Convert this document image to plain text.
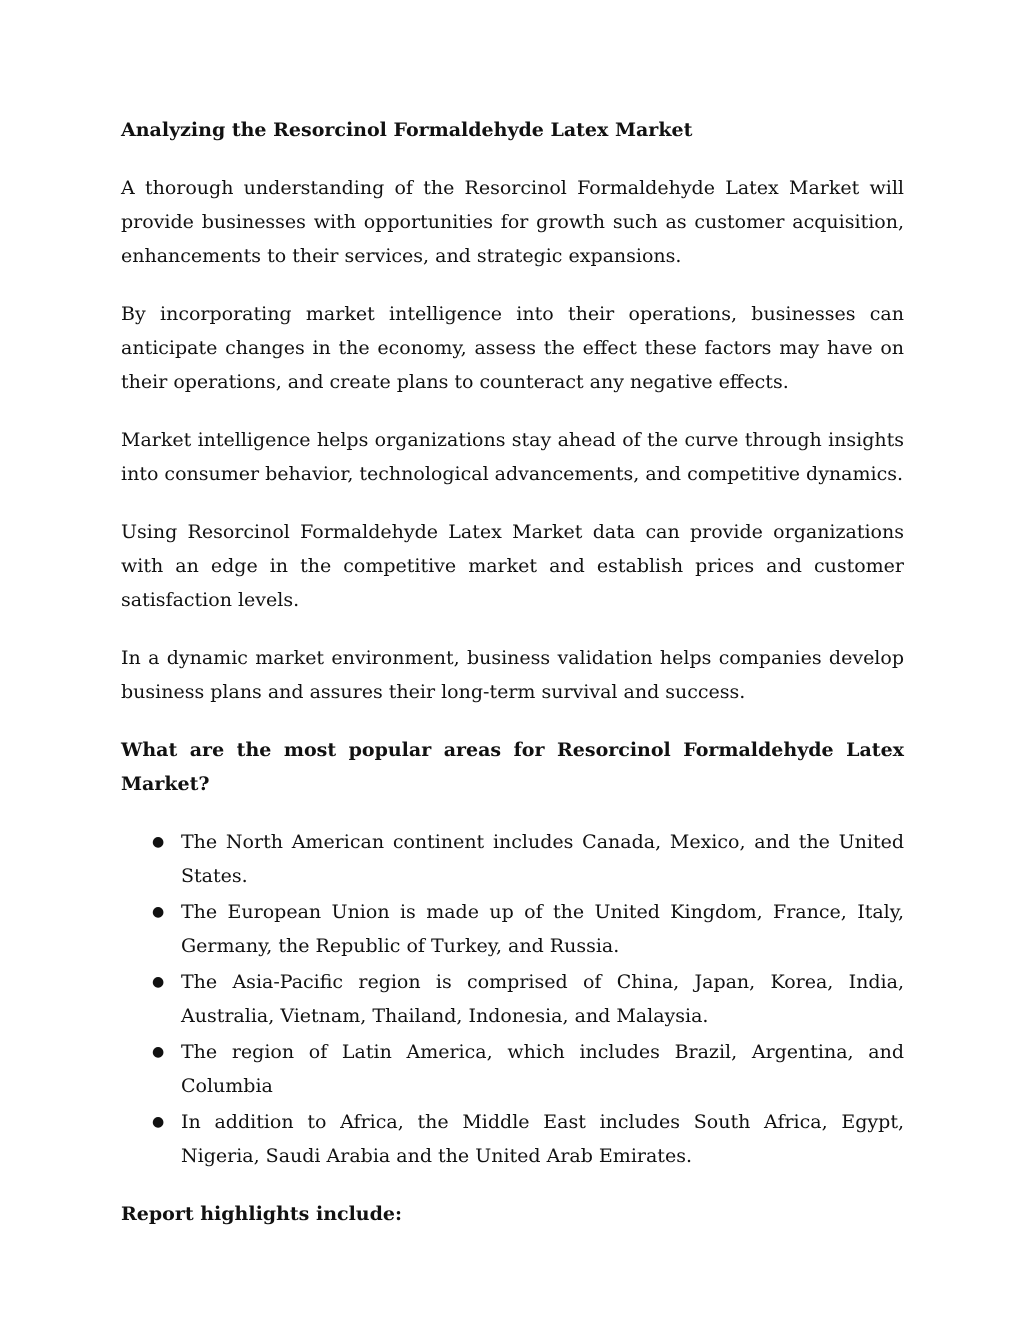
Analyzing the Resorcinol Formaldehyde Latex Market

A thorough understanding of the Resorcinol Formaldehyde Latex Market will provide businesses with opportunities for growth such as customer acquisition, enhancements to their services, and strategic expansions.

By incorporating market intelligence into their operations, businesses can anticipate changes in the economy, assess the effect these factors may have on their operations, and create plans to counteract any negative effects.

Market intelligence helps organizations stay ahead of the curve through insights into consumer behavior, technological advancements, and competitive dynamics.

Using Resorcinol Formaldehyde Latex Market data can provide organizations with an edge in the competitive market and establish prices and customer satisfaction levels.

In a dynamic market environment, business validation helps companies develop business plans and assures their long-term survival and success.

What are the most popular areas for Resorcinol Formaldehyde Latex Market?
● The North American continent includes Canada, Mexico, and the United States.
● The European Union is made up of the United Kingdom, France, Italy, Germany, the Republic of Turkey, and Russia.
● The Asia-Pacific region is comprised of China, Japan, Korea, India, Australia, Vietnam, Thailand, Indonesia, and Malaysia.
● The region of Latin America, which includes Brazil, Argentina, and Columbia
● In addition to Africa, the Middle East includes South Africa, Egypt, Nigeria, Saudi Arabia and the United Arab Emirates.
Report highlights include:
